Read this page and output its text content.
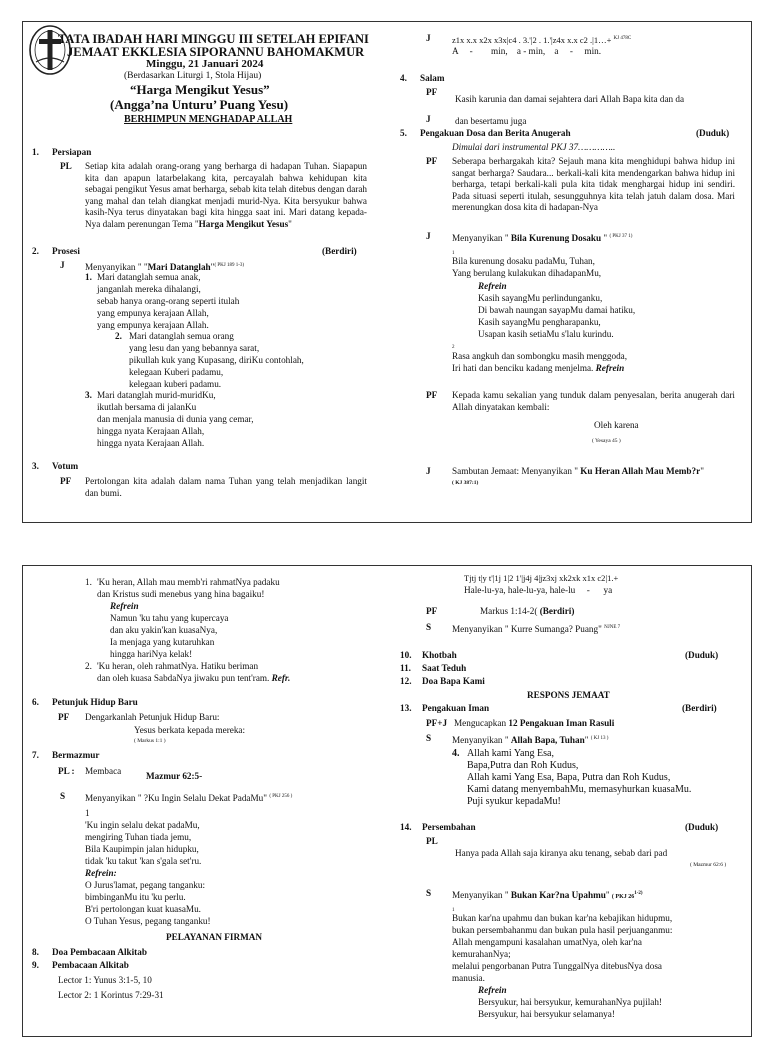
TATA IBADAH HARI MINGGU III SETELAH EPIFANI
JEMAAT EKKLESIA SIPORANNU BAHOMAKMUR
Minggu, 21 Januari 2024
(Berdasarkan Liturgi 1, Stola Hijau)
“Harga Mengikut Yesus”
(Angga’na Unturu’ Puang Yesu)
BERHIMPUN MENGHADAP ALLAH
1. Persiapan
PL Setiap kita adalah orang-orang yang berharga di hadapan Tuhan. Siapapun kita dan apapun latarbelakang kita, percayalah bahwa kehidupan kita sebagai pengikut Yesus amat berharga, sebab kita telah ditebus dengan darah yang mahal dan telah diangkat menjadi murid-Nya. Kita bersyukur bahwa kasih-Nya terus dinyatakan bagi kita hingga saat ini. Mari datang kepada-Nya dalam perenungan Tema "Harga Mengikut Yesus"
2. Prosesi	(Berdiri)
J Menyanyikan " "Mari Datanglah"$^{( PKJ 189 1-3)}$
1. Mari datanglah semua anak,
janganlah mereka dihalangi,
sebab hanya orang-orang seperti itulah
yang empunya kerajaan Allah,
yang empunya kerajaan Allah.
2. Mari datanglah semua orang
yang lesu dan yang bebannya sarat,
pikullah kuk yang Kupasang, diriKu contohlah,
kelegaan Kuberi padamu,
kelegaan kuberi padamu.
3. Mari datanglah murid-muridKu,
ikutlah bersama di jalanKu
dan menjala manusia di dunia yang cemar,
hingga nyata Kerajaan Allah,
hingga nyata Kerajaan Allah.
3. Votum
PF Pertolongan kita adalah dalam nama Tuhan yang telah menjadikan langit dan bumi.
J	z1x x.x x2x x3x|c4 . 3.'|2 . 1.'|z4x x.x c2 .|1…+ $^{KJ 478C}$
A     -        min,    a - min,    a     -     min.
4. Salam
PF
Kasih karunia dan damai sejahtera dari Allah Bapa kita dan da
J	dan besertamu juga
5. Pengakuan Dosa dan Berita Anugerah	(Duduk)
Dimulai dari instrumental PKJ 37…………..
PF Seberapa berhargakah kita? Sejauh mana kita menghidupi bahwa hidup ini sangat berharga? Saudara... berkali-kali kita mendengarkan bahwa hidup ini berharga, tetapi berkali-kali pula kita tidak menghargai hidup ini sendiri. Pada situasi seperti itulah, sesungguhnya kita telah jatuh dalam dosa. Mari merenungkan dosa kita di hadapan-Nya
J Menyanyikan " Bila Kurenung Dosaku " $^{( PKJ 37 1)}$
1
Bila kurenung dosaku padaMu, Tuhan,
Yang berulang kulakukan dihadapanMu,
Refrein
Kasih sayangMu perlindunganku,
Di bawah naungan sayapMu damai hatiku,
Kasih sayangMu pengharapanku,
Usapan kasih setiaMu s'lalu kurindu.
2
Rasa angkuh dan sombongku masih menggoda,
Iri hati dan benciku kadang menjelma. Refrein
PF Kepada kamu sekalian yang tunduk dalam penyesalan, berita anugerah dari Allah dinyatakan kembali:
Oleh karena
( Yesaya 45 )
J Sambutan Jemaat: Menyanyikan " Ku Heran Allah Mau Memb?r"
( KJ 387:1)
1. 'Ku heran, Allah mau memb'ri rahmatNya padaku
dan Kristus sudi menebus yang hina bagaiku!
Refrein
Namun 'ku tahu yang kupercaya
dan aku yakin'kan kuasaNya,
Ia menjaga yang kutaruhkan
hingga hariNya kelak!
2. 'Ku heran, oleh rahmatNya. Hatiku beriman
dan oleh kuasa SabdaNya jiwaku pun tent'ram. Refr.
6. Petunjuk Hidup Baru
PF Dengarkanlah Petunjuk Hidup Baru:
Yesus berkata kepada mereka:
( Markus 1:1 )
7. Bermazmur
PL : Membaca	Mazmur 62:5-
S Menyanyikan " ?Ku Ingin Selalu Dekat PadaMu" $^{( PKJ 256 )}$
1
'Ku ingin selalu dekat padaMu,
mengiring Tuhan tiada jemu,
Bila Kaupimpin jalan hidupku,
tidak 'ku takut 'kan s'gala set'ru.
Refrein:
O Jurus'lamat, pegang tanganku:
bimbinganMu itu 'ku perlu.
B'ri pertolongan kuat kuasaMu.
O Tuhan Yesus, pegang tanganku!
PELAYANAN FIRMAN
8. Doa Pembacaan Alkitab
9. Pembacaan Alkitab
Lector 1: Yunus 3:1-5, 10
Lector 2: 1 Korintus 7:29-31
Tjtj t|y t'|1j 1|2 1'|j4j 4|jz3xj xk2xk x1x c2|1.+
Hale-lu-ya, hale-lu-ya, hale-lu     -      ya
PF	Markus 1:14-2( (Berdiri)
S Menyanyikan " Kurre Sumanga? Puang" $^{NJNE 7}$
10. Khotbah	(Duduk)
11. Saat Teduh
12. Doa Bapa Kami
RESPONS JEMAAT
13. Pengakuan Iman	(Berdiri)
PF+J Mengucapkan 12 Pengakuan Iman Rasuli
S Menyanyikan " Allah Bapa, Tuhan" $^{( KJ 13 )}$
4. Allah kami Yang Esa,
Bapa,Putra dan Roh Kudus,
Allah kami Yang Esa, Bapa, Putra dan Roh Kudus,
Kami datang menyembahMu, memasyhurkan kuasaMu.
Puji syukur kepadaMu!
14. Persembahan	(Duduk)
PL
Hanya pada Allah saja kiranya aku tenang, sebab dari pad
( Mazmur 62:6 )
S Menyanyikan " Bukan Kar?na Upahmu" ( PKJ 26$^{1-2)}$
1
Bukan kar'na upahmu dan bukan kar'na kebajikan hidupmu,
bukan persembahanmu dan bukan pula hasil perjuanganmu:
Allah mengampuni kasalahan umatNya, oleh kar'na
kemurahanNya;
melalui pengorbanan Putra TunggalNya ditebusNya dosa
manusia.
Refrein
Bersyukur, hai bersyukur, kemurahanNya pujilah!
Bersyukur, hai bersyukur selamanya!
